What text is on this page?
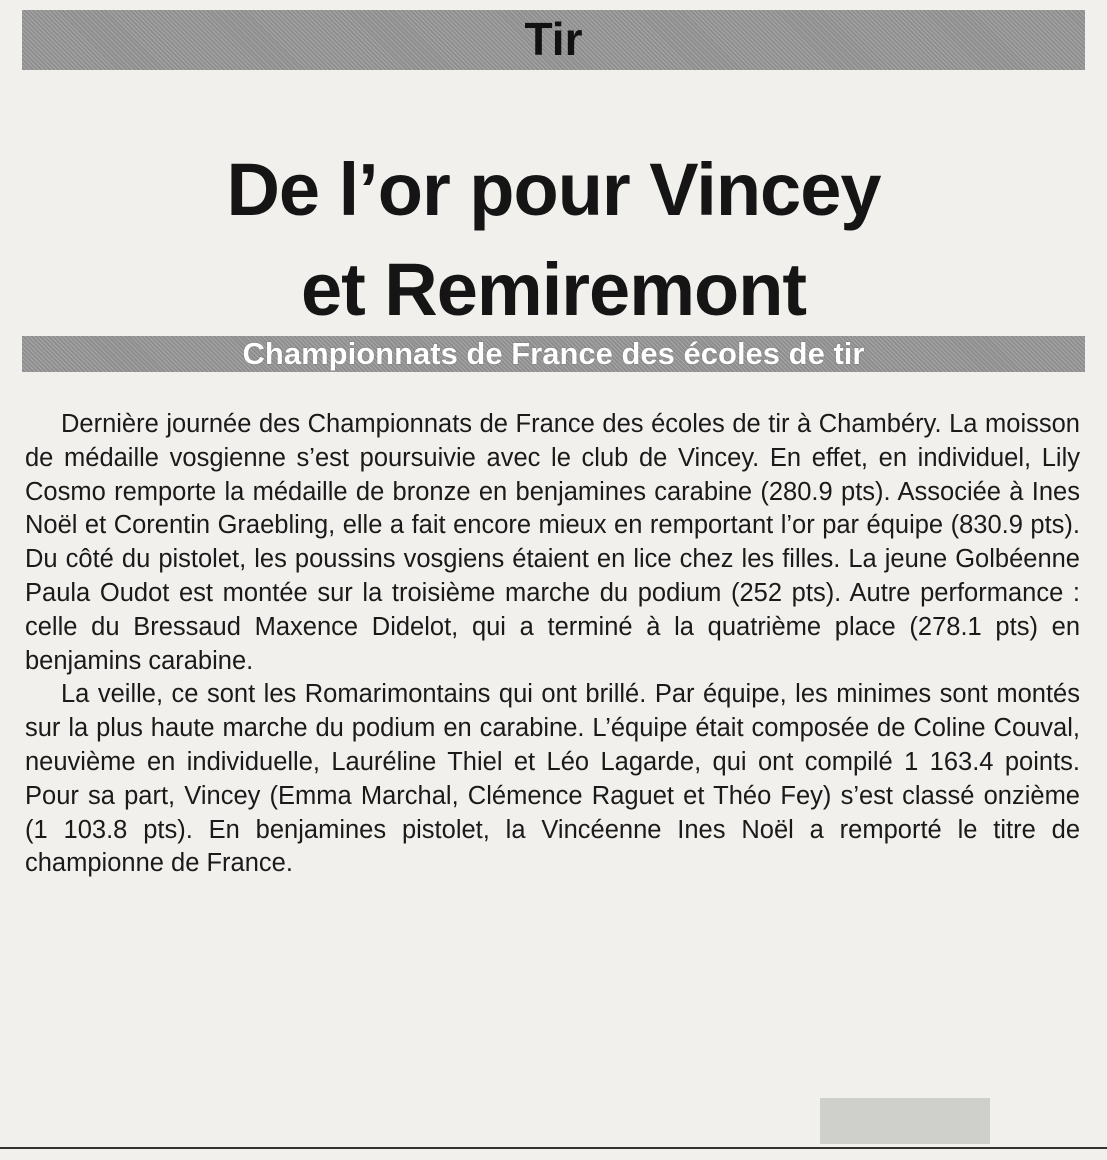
Tir
De l’or pour Vincey
et Remiremont
Championnats de France des écoles de tir

Dernière journée des Championnats de France des écoles de tir à Chambéry. La moisson de médaille vosgienne s’est poursuivie avec le club de Vincey. En effet, en individuel, Lily Cosmo remporte la médaille de bronze en benjamines carabine (280.9 pts). Associée à Ines Noël et Corentin Graebling, elle a fait encore mieux en remportant l’or par équipe (830.9 pts). Du côté du pistolet, les poussins vosgiens étaient en lice chez les filles. La jeune Golbéenne Paula Oudot est montée sur la troisième marche du podium (252 pts). Autre performance : celle du Bressaud Maxence Didelot, qui a terminé à la quatrième place (278.1 pts) en benjamins carabine.

La veille, ce sont les Romarimontains qui ont brillé. Par équipe, les minimes sont montés sur la plus haute marche du podium en carabine. L’équipe était composée de Coline Couval, neuvième en individuelle, Lauréline Thiel et Léo Lagarde, qui ont compilé 1 163.4 points. Pour sa part, Vincey (Emma Marchal, Clémence Raguet et Théo Fey) s’est classé onzième (1 103.8 pts). En benjamines pistolet, la Vincéenne Ines Noël a remporté le titre de championne de France.
